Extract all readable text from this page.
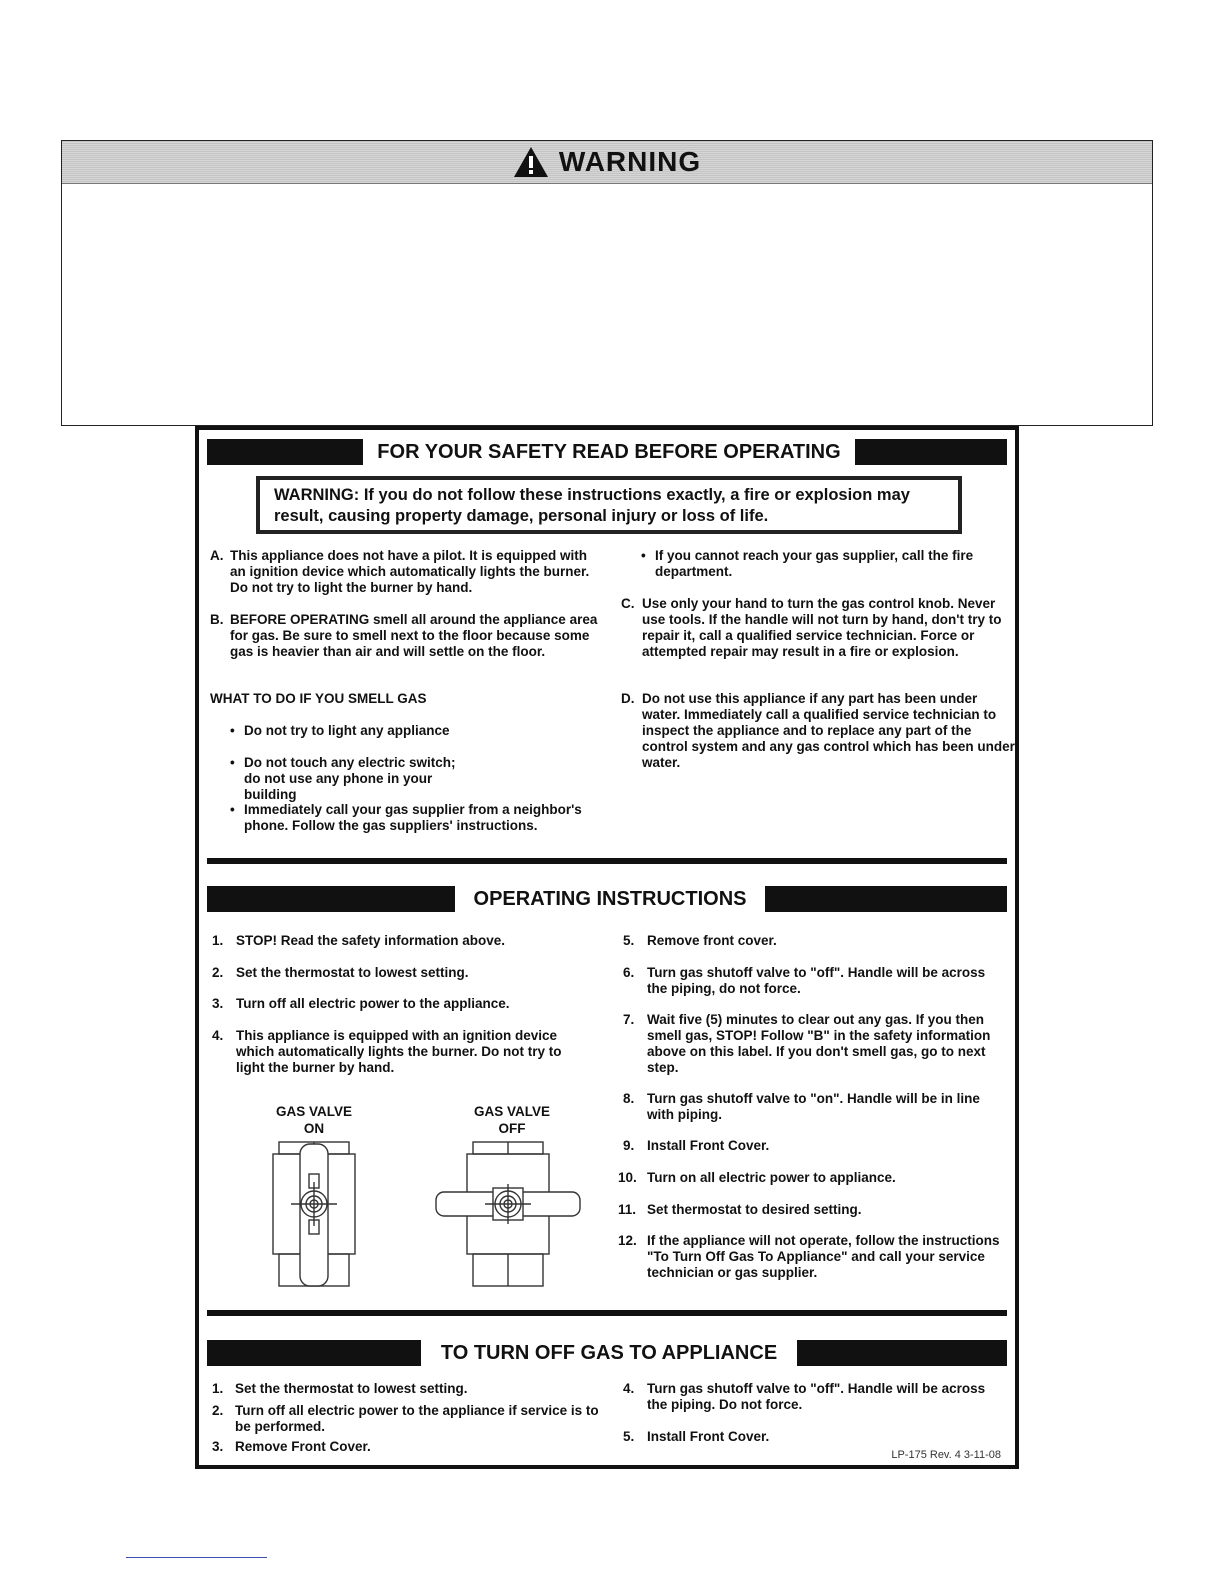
WARNING
FOR YOUR SAFETY READ BEFORE OPERATING
WARNING: If you do not follow these instructions exactly, a fire or explosion may result, causing property damage, personal injury or loss of life.
A. This appliance does not have a pilot. It is equipped with an ignition device which automatically lights the burner. Do not try to light the burner by hand.
B. BEFORE OPERATING smell all around the appliance area for gas. Be sure to smell next to the floor because some gas is heavier than air and will settle on the floor.
WHAT TO DO IF YOU SMELL GAS
• Do not try to light any appliance
• Do not touch any electric switch; do not use any phone in your building
• Immediately call your gas supplier from a neighbor's phone. Follow the gas suppliers' instructions.
• If you cannot reach your gas supplier, call the fire department.
C. Use only your hand to turn the gas control knob. Never use tools. If the handle will not turn by hand, don't try to repair it, call a qualified service technician. Force or attempted repair may result in a fire or explosion.
D. Do not use this appliance if any part has been under water. Immediately call a qualified service technician to inspect the appliance and to replace any part of the control system and any gas control which has been under water.
OPERATING INSTRUCTIONS
1. STOP! Read the safety information above.
2. Set the thermostat to lowest setting.
3. Turn off all electric power to the appliance.
4. This appliance is equipped with an ignition device which automatically lights the burner. Do not try to light the burner by hand.
GAS VALVE
ON
GAS VALVE
OFF
5. Remove front cover.
6. Turn gas shutoff valve to "off". Handle will be across the piping, do not force.
7. Wait five (5) minutes to clear out any gas. If you then smell gas, STOP! Follow "B" in the safety information above on this label. If you don't smell gas, go to next step.
8. Turn gas shutoff valve to "on". Handle will be in line with piping.
9. Install Front Cover.
10. Turn on all electric power to appliance.
11. Set thermostat to desired setting.
12. If the appliance will not operate, follow the instructions "To Turn Off Gas To Appliance" and call your service technician or gas supplier.
TO TURN OFF GAS TO APPLIANCE
1. Set the thermostat to lowest setting.
2. Turn off all electric power to the appliance if service is to be performed.
3. Remove Front Cover.
4. Turn gas shutoff valve to "off". Handle will be across the piping. Do not force.
5. Install Front Cover.
LP-175 Rev. 4 3-11-08
